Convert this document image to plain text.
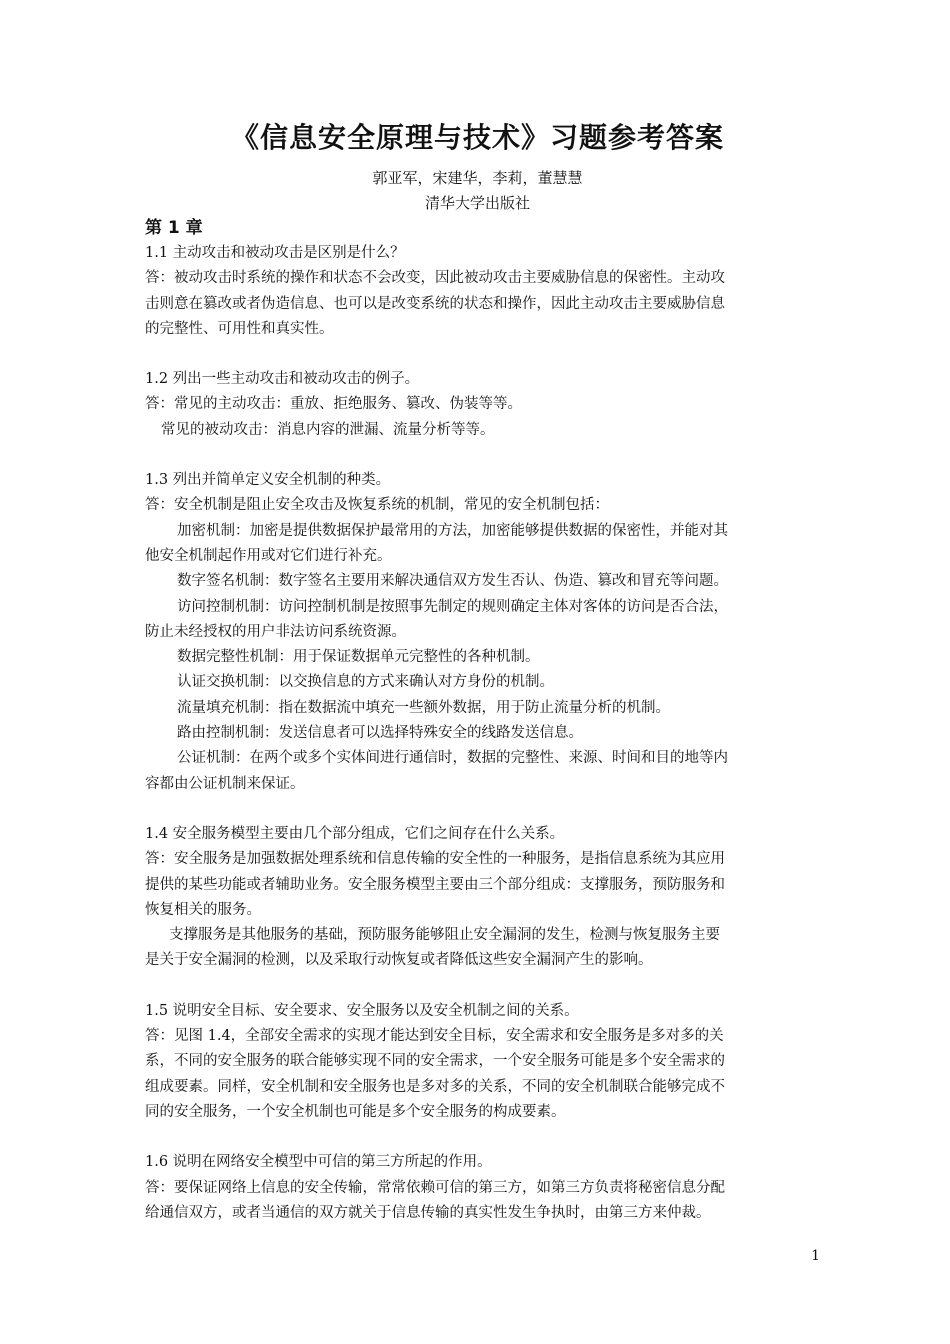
《信息安全原理与技术》习题参考答案

郭亚军，宋建华，李莉，董慧慧

清华大学出版社

第 1 章

1.1 主动攻击和被动攻击是区别是什么？

答：被动攻击时系统的操作和状态不会改变，因此被动攻击主要威胁信息的保密性。主动攻

击则意在篡改或者伪造信息、也可以是改变系统的状态和操作，因此主动攻击主要威胁信息

的完整性、可用性和真实性。

1.2 列出一些主动攻击和被动攻击的例子。

答：常见的主动攻击：重放、拒绝服务、篡改、伪装等等。

常见的被动攻击：消息内容的泄漏、流量分析等等。

1.3 列出并简单定义安全机制的种类。

答：安全机制是阻止安全攻击及恢复系统的机制，常见的安全机制包括：

加密机制：加密是提供数据保护最常用的方法，加密能够提供数据的保密性，并能对其

他安全机制起作用或对它们进行补充。

数字签名机制：数字签名主要用来解决通信双方发生否认、伪造、篡改和冒充等问题。

访问控制机制：访问控制机制是按照事先制定的规则确定主体对客体的访问是否合法，

防止未经授权的用户非法访问系统资源。

数据完整性机制：用于保证数据单元完整性的各种机制。

认证交换机制：以交换信息的方式来确认对方身份的机制。

流量填充机制：指在数据流中填充一些额外数据，用于防止流量分析的机制。

路由控制机制：发送信息者可以选择特殊安全的线路发送信息。

公证机制：在两个或多个实体间进行通信时，数据的完整性、来源、时间和目的地等内

容都由公证机制来保证。

1.4 安全服务模型主要由几个部分组成，它们之间存在什么关系。

答：安全服务是加强数据处理系统和信息传输的安全性的一种服务，是指信息系统为其应用

提供的某些功能或者辅助业务。安全服务模型主要由三个部分组成：支撑服务，预防服务和

恢复相关的服务。

支撑服务是其他服务的基础，预防服务能够阻止安全漏洞的发生，检测与恢复服务主要

是关于安全漏洞的检测，以及采取行动恢复或者降低这些安全漏洞产生的影响。

1.5 说明安全目标、安全要求、安全服务以及安全机制之间的关系。

答：见图 1.4，全部安全需求的实现才能达到安全目标，安全需求和安全服务是多对多的关

系，不同的安全服务的联合能够实现不同的安全需求，一个安全服务可能是多个安全需求的

组成要素。同样，安全机制和安全服务也是多对多的关系，不同的安全机制联合能够完成不

同的安全服务，一个安全机制也可能是多个安全服务的构成要素。

1.6 说明在网络安全模型中可信的第三方所起的作用。

答：要保证网络上信息的安全传输，常常依赖可信的第三方，如第三方负责将秘密信息分配

给通信双方，或者当通信的双方就关于信息传输的真实性发生争执时，由第三方来仲裁。

1
